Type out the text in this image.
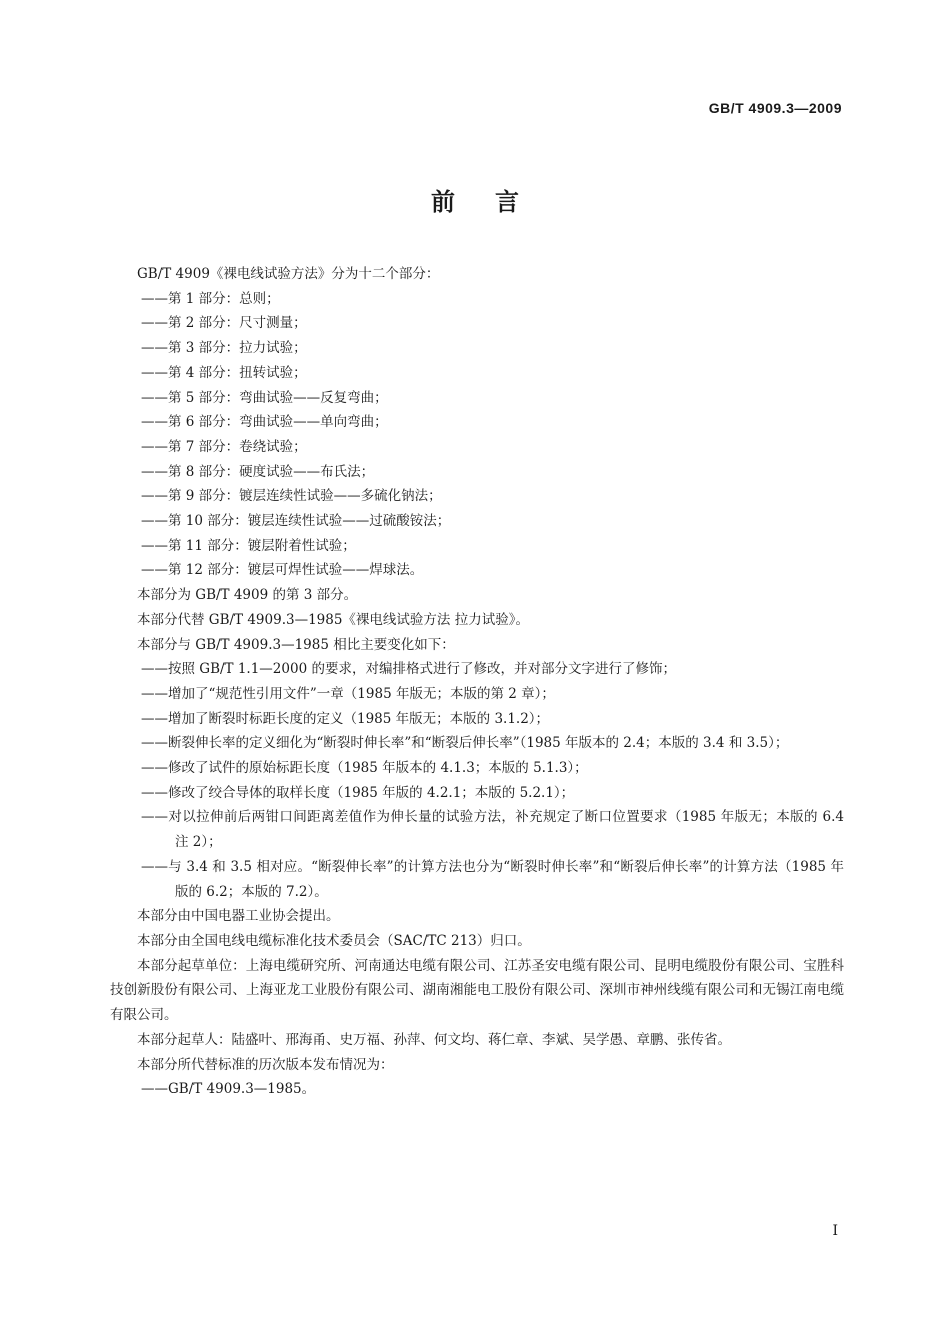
GB/T 4909.3—2009
前言
GB/T 4909《裸电线试验方法》分为十二个部分：
——第 1 部分：总则；
——第 2 部分：尺寸测量；
——第 3 部分：拉力试验；
——第 4 部分：扭转试验；
——第 5 部分：弯曲试验——反复弯曲；
——第 6 部分：弯曲试验——单向弯曲；
——第 7 部分：卷绕试验；
——第 8 部分：硬度试验——布氏法；
——第 9 部分：镀层连续性试验——多硫化钠法；
——第 10 部分：镀层连续性试验——过硫酸铵法；
——第 11 部分：镀层附着性试验；
——第 12 部分：镀层可焊性试验——焊球法。
本部分为 GB/T 4909 的第 3 部分。
本部分代替 GB/T 4909.3—1985《裸电线试验方法 拉力试验》。
本部分与 GB/T 4909.3—1985 相比主要变化如下：
——按照 GB/T 1.1—2000 的要求，对编排格式进行了修改，并对部分文字进行了修饰；
——增加了“规范性引用文件”一章（1985 年版无；本版的第 2 章）；
——增加了断裂时标距长度的定义（1985 年版无；本版的 3.1.2）；
——断裂伸长率的定义细化为“断裂时伸长率”和“断裂后伸长率”（1985 年版本的 2.4；本版的 3.4 和 3.5）；
——修改了试件的原始标距长度（1985 年版本的 4.1.3；本版的 5.1.3）；
——修改了绞合导体的取样长度（1985 年版的 4.2.1；本版的 5.2.1）；
——对以拉伸前后两钳口间距离差值作为伸长量的试验方法，补充规定了断口位置要求（1985 年版无；本版的 6.4 注 2）；
——与 3.4 和 3.5 相对应。“断裂伸长率”的计算方法也分为“断裂时伸长率”和“断裂后伸长率”的计算方法（1985 年版的 6.2；本版的 7.2）。
本部分由中国电器工业协会提出。
本部分由全国电线电缆标准化技术委员会（SAC/TC 213）归口。
本部分起草单位：上海电缆研究所、河南通达电缆有限公司、江苏圣安电缆有限公司、昆明电缆股份有限公司、宝胜科技创新股份有限公司、上海亚龙工业股份有限公司、湖南湘能电工股份有限公司、深圳市神州线缆有限公司和无锡江南电缆有限公司。
本部分起草人：陆盛叶、邢海甬、史万福、孙萍、何文均、蒋仁章、李斌、吴学愚、章鹏、张传省。
本部分所代替标准的历次版本发布情况为：
——GB/T 4909.3—1985。
I
